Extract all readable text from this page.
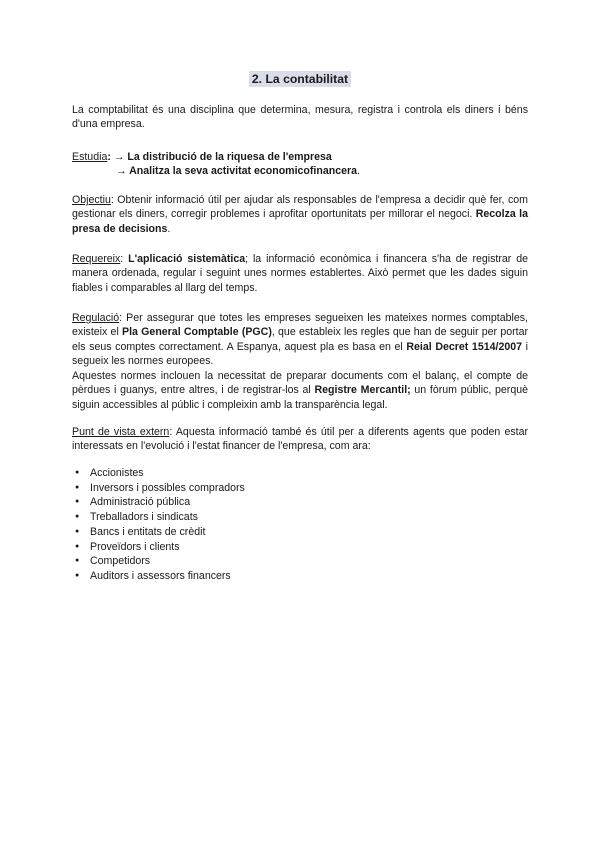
2. La contabilitat
La comptabilitat és una disciplina que determina, mesura, registra i controla els diners i béns d'una empresa.
Estudia: → La distribució de la riquesa de l'empresa
→ Analitza la seva activitat economicofinancera.
Objectiu: Obtenir informació útil per ajudar als responsables de l'empresa a decidir què fer, com gestionar els diners, corregir problemes i aprofitar oportunitats per millorar el negoci. Recolza la presa de decisions.
Requereix: L'aplicació sistemàtica; la informació econòmica i financera s'ha de registrar de manera ordenada, regular i seguint unes normes establertes. Això permet que les dades siguin fiables i comparables al llarg del temps.
Regulació: Per assegurar que totes les empreses segueixen les mateixes normes comptables, existeix el Pla General Comptable (PGC), que estableix les regles que han de seguir per portar els seus comptes correctament. A Espanya, aquest pla es basa en el Reial Decret 1514/2007 i segueix les normes europees.
Aquestes normes inclouen la necessitat de preparar documents com el balanç, el compte de pèrdues i guanys, entre altres, i de registrar-los al Registre Mercantil; un fòrum públic, perquè siguin accessibles al públic i compleixin amb la transparència legal.
Punt de vista extern: Aquesta informació també és útil per a diferents agents que poden estar interessats en l'evolució i l'estat financer de l'empresa, com ara:
● Accionistes
● Inversors i possibles compradors
● Administració pública
● Treballadors i sindicats
● Bancs i entitats de crèdit
● Proveïdors i clients
● Competidors
● Auditors i assessors financers
